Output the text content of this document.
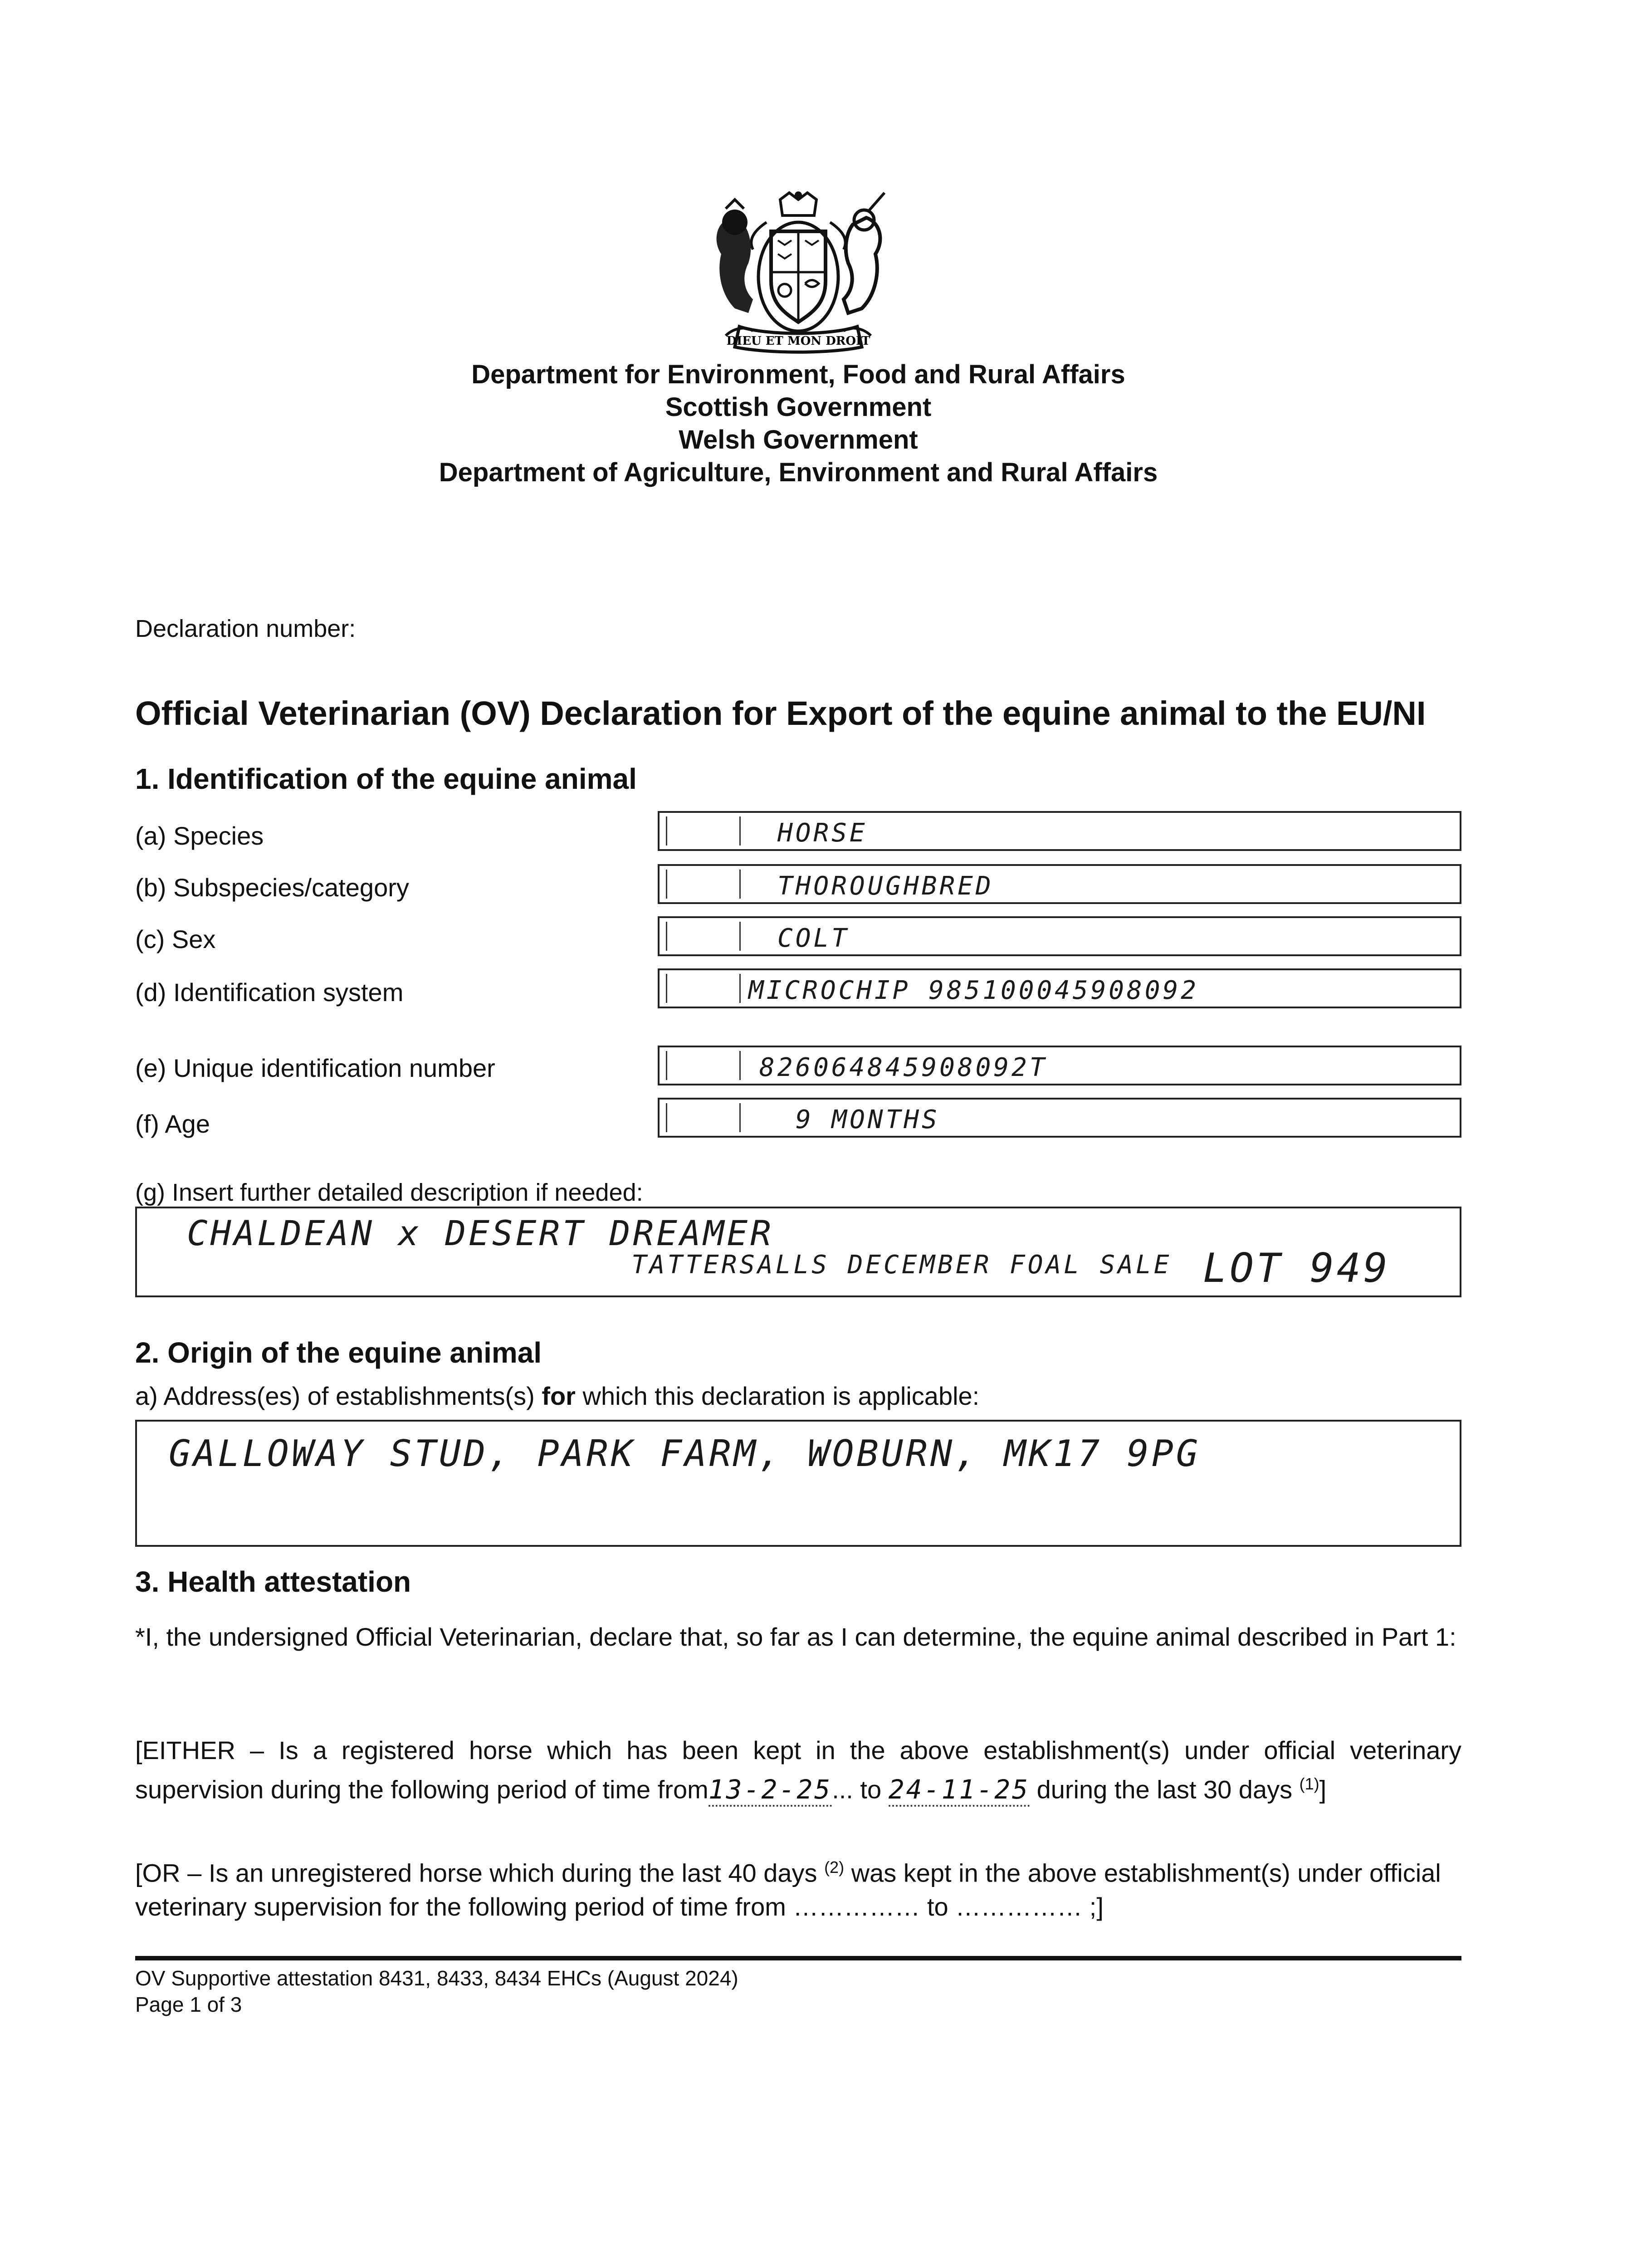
DIEU ET MON DROIT
Department for Environment, Food and Rural Affairs
Scottish Government
Welsh Government
Department of Agriculture, Environment and Rural Affairs
Declaration number:
Official Veterinarian (OV) Declaration for Export of the equine animal to the EU/NI
1. Identification of the equine animal
(a) Species	HORSE
(b) Subspecies/category	THOROUGHBRED
(c) Sex	COLT
(d) Identification system	MICROCHIP 985100045908092
(e) Unique identification number	826064845908092T
(f) Age	9 MONTHS
(g) Insert further detailed description if needed:
CHALDEAN x DESERT DREAMER
TATTERSALLS DECEMBER FOAL SALE LOT 949
2. Origin of the equine animal
a) Address(es) of establishments(s) for which this declaration is applicable:
GALLOWAY STUD, PARK FARM, WOBURN, MK17 9PG
3. Health attestation
*I, the undersigned Official Veterinarian, declare that, so far as I can determine, the equine animal described in Part 1:
[EITHER – Is a registered horse which has been kept in the above establishment(s) under official veterinary supervision during the following period of time from13-2-25... to 24-11-25 during the last 30 days $^{(1)}$]
[OR – Is an unregistered horse which during the last 40 days $^{(2)}$ was kept in the above establishment(s) under official veterinary supervision for the following period of time from …………… to …………… ;]
OV Supportive attestation 8431, 8433, 8434 EHCs (August 2024)
Page 1 of 3
